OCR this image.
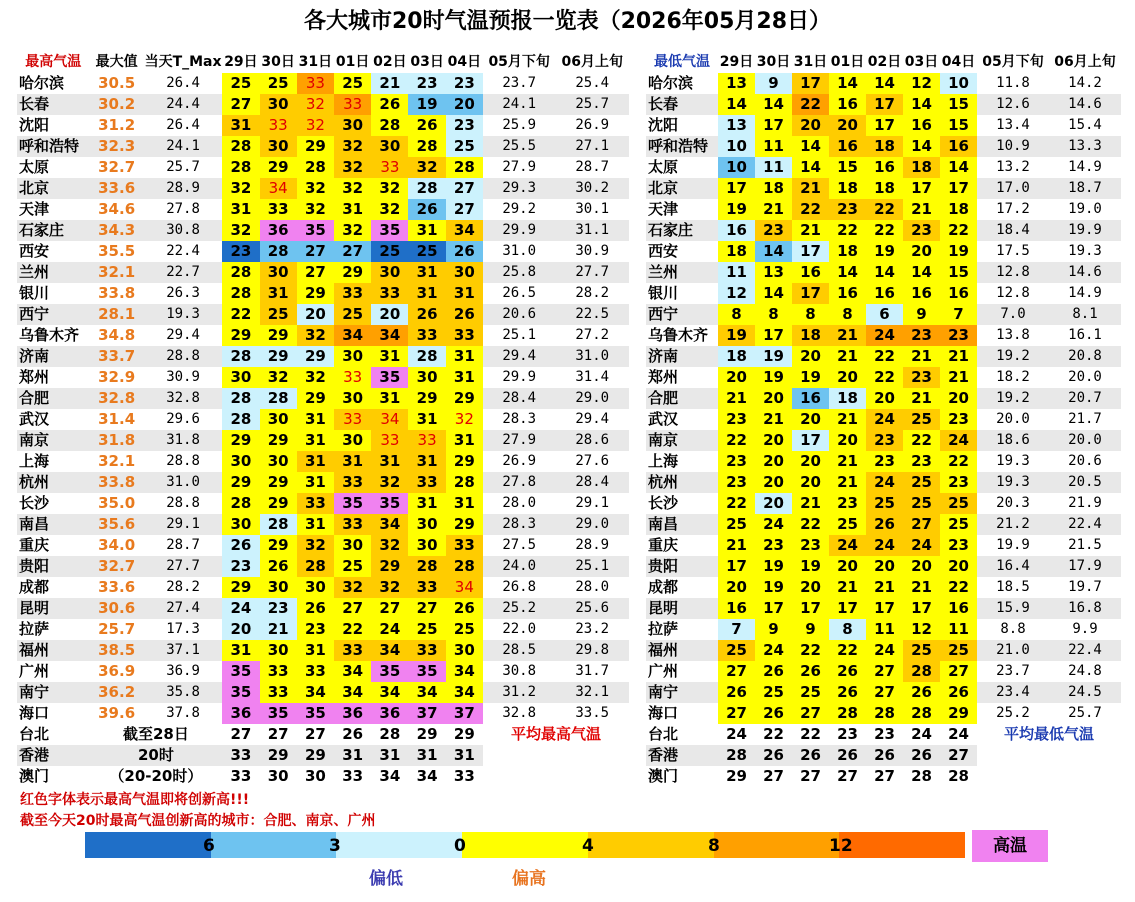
各大城市20时气温预报一览表（2026年05月28日）
最高气温	最大值	当天T_Max	29日	30日	31日	01日	02日	03日	04日	05月下旬	06月上旬
哈尔滨	30.5	26.4	25	25	33	25	21	23	23	23.7	25.4
长春	30.2	24.4	27	30	32	33	26	19	20	24.1	25.7
沈阳	31.2	26.4	31	33	32	30	28	26	23	25.9	26.9
呼和浩特	32.3	24.1	28	30	29	32	30	28	25	25.5	27.1
太原	32.7	25.7	28	29	28	32	33	32	28	27.9	28.7
北京	33.6	28.9	32	34	32	32	32	28	27	29.3	30.2
天津	34.6	27.8	31	33	32	31	32	26	27	29.2	30.1
石家庄	34.3	30.8	32	36	35	32	35	31	34	29.9	31.1
西安	35.5	22.4	23	28	27	27	25	25	26	31.0	30.9
兰州	32.1	22.7	28	30	27	29	30	31	30	25.8	27.7
银川	33.8	26.3	28	31	29	33	33	31	31	26.5	28.2
西宁	28.1	19.3	22	25	20	25	20	26	26	20.6	22.5
乌鲁木齐	34.8	29.4	29	29	32	34	34	33	33	25.1	27.2
济南	33.7	28.8	28	29	29	30	31	28	31	29.4	31.0
郑州	32.9	30.9	30	32	32	33	35	30	31	29.9	31.4
合肥	32.8	32.8	28	28	29	30	31	29	29	28.4	29.0
武汉	31.4	29.6	28	30	31	33	34	31	32	28.3	29.4
南京	31.8	31.8	29	29	31	30	33	33	31	27.9	28.6
上海	32.1	28.8	30	30	31	31	31	31	29	26.9	27.6
杭州	33.8	31.0	29	29	31	33	32	33	28	27.8	28.4
长沙	35.0	28.8	28	29	33	35	35	31	31	28.0	29.1
南昌	35.6	29.1	30	28	31	33	34	30	29	28.3	29.0
重庆	34.0	28.7	26	29	32	30	32	30	33	27.5	28.9
贵阳	32.7	27.7	23	26	28	25	29	28	28	24.0	25.1
成都	33.6	28.2	29	30	30	32	32	33	34	26.8	28.0
昆明	30.6	27.4	24	23	26	27	27	27	26	25.2	25.6
拉萨	25.7	17.3	20	21	23	22	24	25	25	22.0	23.2
福州	38.5	37.1	31	30	31	33	34	33	30	28.5	29.8
广州	36.9	36.9	35	33	33	34	35	35	34	30.8	31.7
南宁	36.2	35.8	35	33	34	34	34	34	34	31.2	32.1
海口	39.6	37.8	36	35	35	36	36	37	37	32.8	33.5
台北	截至28日		27	27	27	26	28	29	29	平均最高气温	
香港	20时		33	29	29	31	31	31	31		
澳门	（20-20时）		33	30	30	33	34	34	33		
最低气温	29日	30日	31日	01日	02日	03日	04日	05月下旬	06月上旬
哈尔滨	13	9	17	14	14	12	10	11.8	14.2
长春	14	14	22	16	17	14	15	12.6	14.6
沈阳	13	17	20	20	17	16	15	13.4	15.4
呼和浩特	10	11	14	16	18	14	16	10.9	13.3
太原	10	11	14	15	16	18	14	13.2	14.9
北京	17	18	21	18	18	17	17	17.0	18.7
天津	19	21	22	23	22	21	18	17.2	19.0
石家庄	16	23	21	22	22	23	22	18.4	19.9
西安	18	14	17	18	19	20	19	17.5	19.3
兰州	11	13	16	14	14	14	15	12.8	14.6
银川	12	14	17	16	16	16	16	12.8	14.9
西宁	8	8	8	8	6	9	7	7.0	8.1
乌鲁木齐	19	17	18	21	24	23	23	13.8	16.1
济南	18	19	20	21	22	21	21	19.2	20.8
郑州	20	19	19	20	22	23	21	18.2	20.0
合肥	21	20	16	18	20	21	20	19.2	20.7
武汉	23	21	20	21	24	25	23	20.0	21.7
南京	22	20	17	20	23	22	24	18.6	20.0
上海	23	20	20	21	23	23	22	19.3	20.6
杭州	23	20	20	21	24	25	23	19.3	20.5
长沙	22	20	21	23	25	25	25	20.3	21.9
南昌	25	24	22	25	26	27	25	21.2	22.4
重庆	21	23	23	24	24	24	23	19.9	21.5
贵阳	17	19	19	20	20	20	20	16.4	17.9
成都	20	19	20	21	21	21	22	18.5	19.7
昆明	16	17	17	17	17	17	16	15.9	16.8
拉萨	7	9	9	8	11	12	11	8.8	9.9
福州	25	24	22	22	24	25	25	21.0	22.4
广州	27	26	26	26	27	28	27	23.7	24.8
南宁	26	25	25	26	27	26	26	23.4	24.5
海口	27	26	27	28	28	28	29	25.2	25.7
台北	24	22	22	23	23	24	24	平均最低气温	
香港	28	26	26	26	26	26	27		
澳门	29	27	27	27	27	28	28		
红色字体表示最高气温即将创新高!!!
截至今天20时最高气温创新高的城市：合肥、南京、广州
6	3	0	4	8	12	高温
偏低	偏高
